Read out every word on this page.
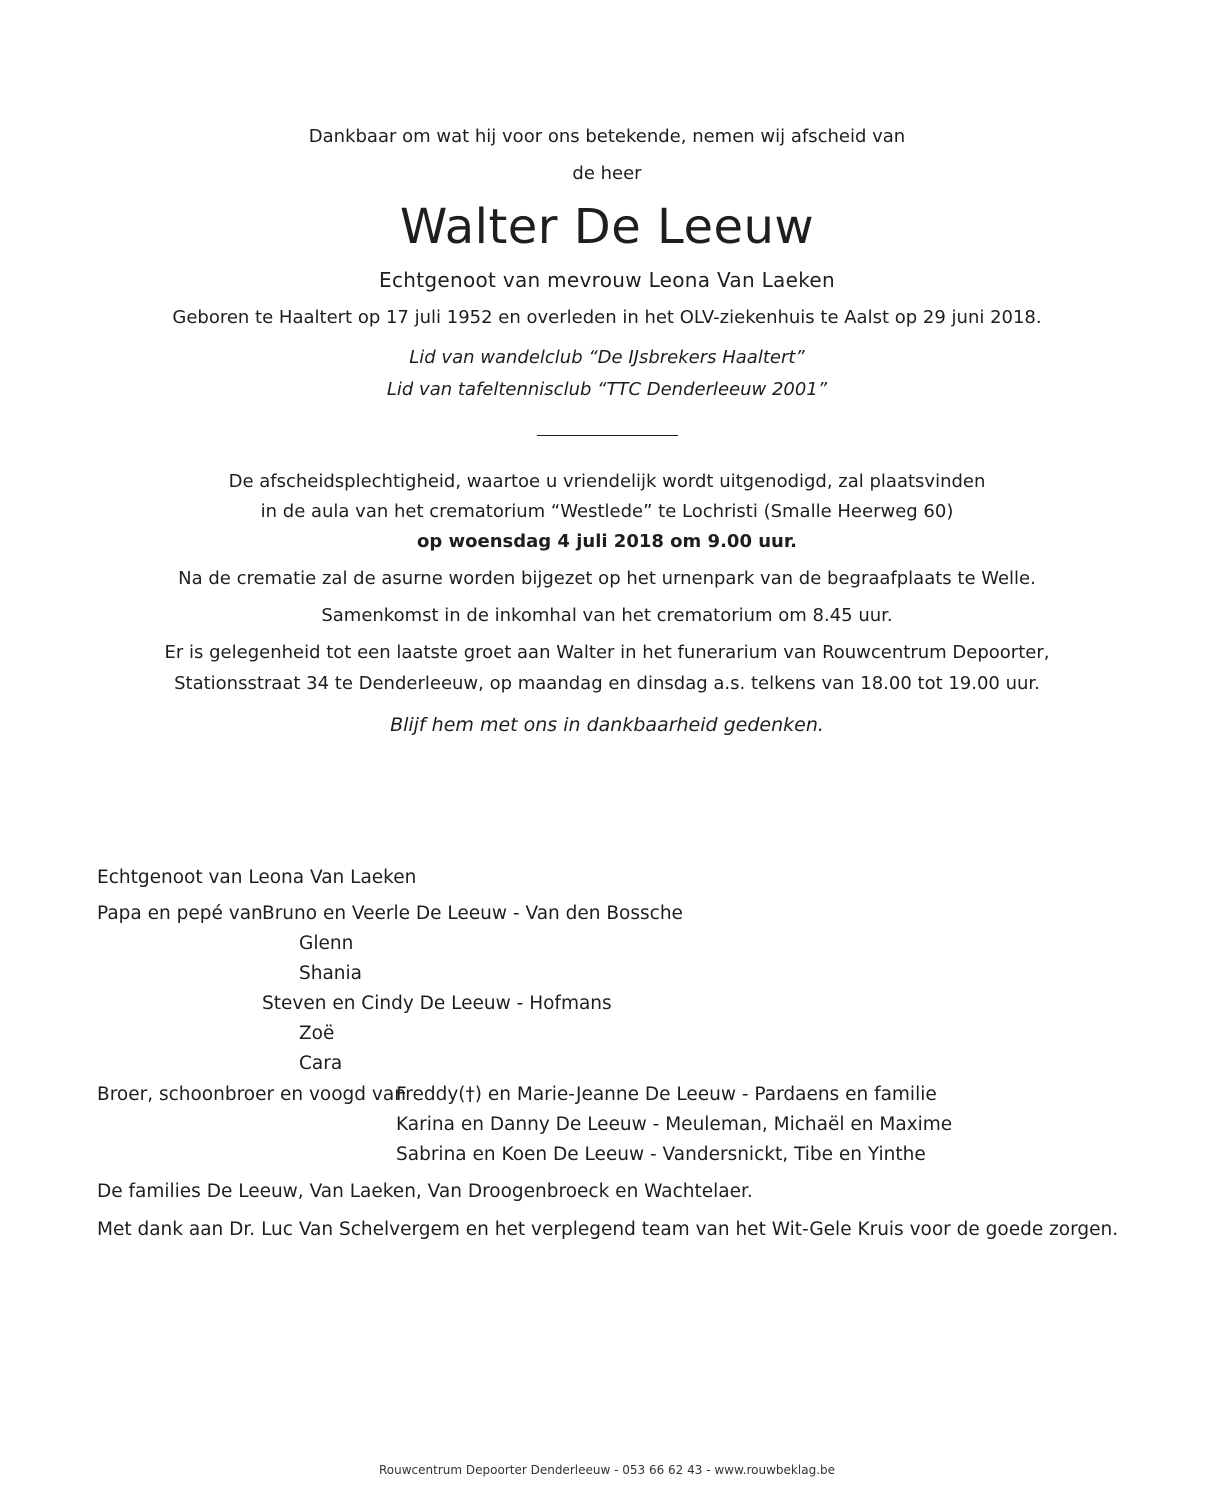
Dankbaar om wat hij voor ons betekende, nemen wij afscheid van
de heer
Walter De Leeuw
Echtgenoot van mevrouw Leona Van Laeken
Geboren te Haaltert op 17 juli 1952 en overleden in het OLV-ziekenhuis te Aalst op 29 juni 2018.
Lid van wandelclub “De IJsbrekers Haaltert”
Lid van tafeltennisclub “TTC Denderleeuw 2001”
De afscheidsplechtigheid, waartoe u vriendelijk wordt uitgenodigd, zal plaatsvinden
in de aula van het crematorium “Westlede” te Lochristi (Smalle Heerweg 60)
op woensdag 4 juli 2018 om 9.00 uur.
Na de crematie zal de asurne worden bijgezet op het urnenpark van de begraafplaats te Welle.
Samenkomst in de inkomhal van het crematorium om 8.45 uur.
Er is gelegenheid tot een laatste groet aan Walter in het funerarium van Rouwcentrum Depoorter,
Stationsstraat 34 te Denderleeuw, op maandag en dinsdag a.s. telkens van 18.00 tot 19.00 uur.
Blijf hem met ons in dankbaarheid gedenken.
Echtgenoot van Leona Van Laeken
Papa en pepé van Bruno en Veerle De Leeuw - Van den Bossche
Glenn
Shania
Steven en Cindy De Leeuw - Hofmans
Zoë
Cara
Broer, schoonbroer en voogd van
Freddy(†) en Marie-Jeanne De Leeuw - Pardaens en familie
Karina en Danny De Leeuw - Meuleman, Michaël en Maxime
Sabrina en Koen De Leeuw - Vandersnickt, Tibe en Yinthe
De families De Leeuw, Van Laeken, Van Droogenbroeck en Wachtelaer.
Met dank aan Dr. Luc Van Schelvergem en het verplegend team van het Wit-Gele Kruis voor de goede zorgen.
Rouwcentrum Depoorter Denderleeuw - 053 66 62 43 - www.rouwbeklag.be
